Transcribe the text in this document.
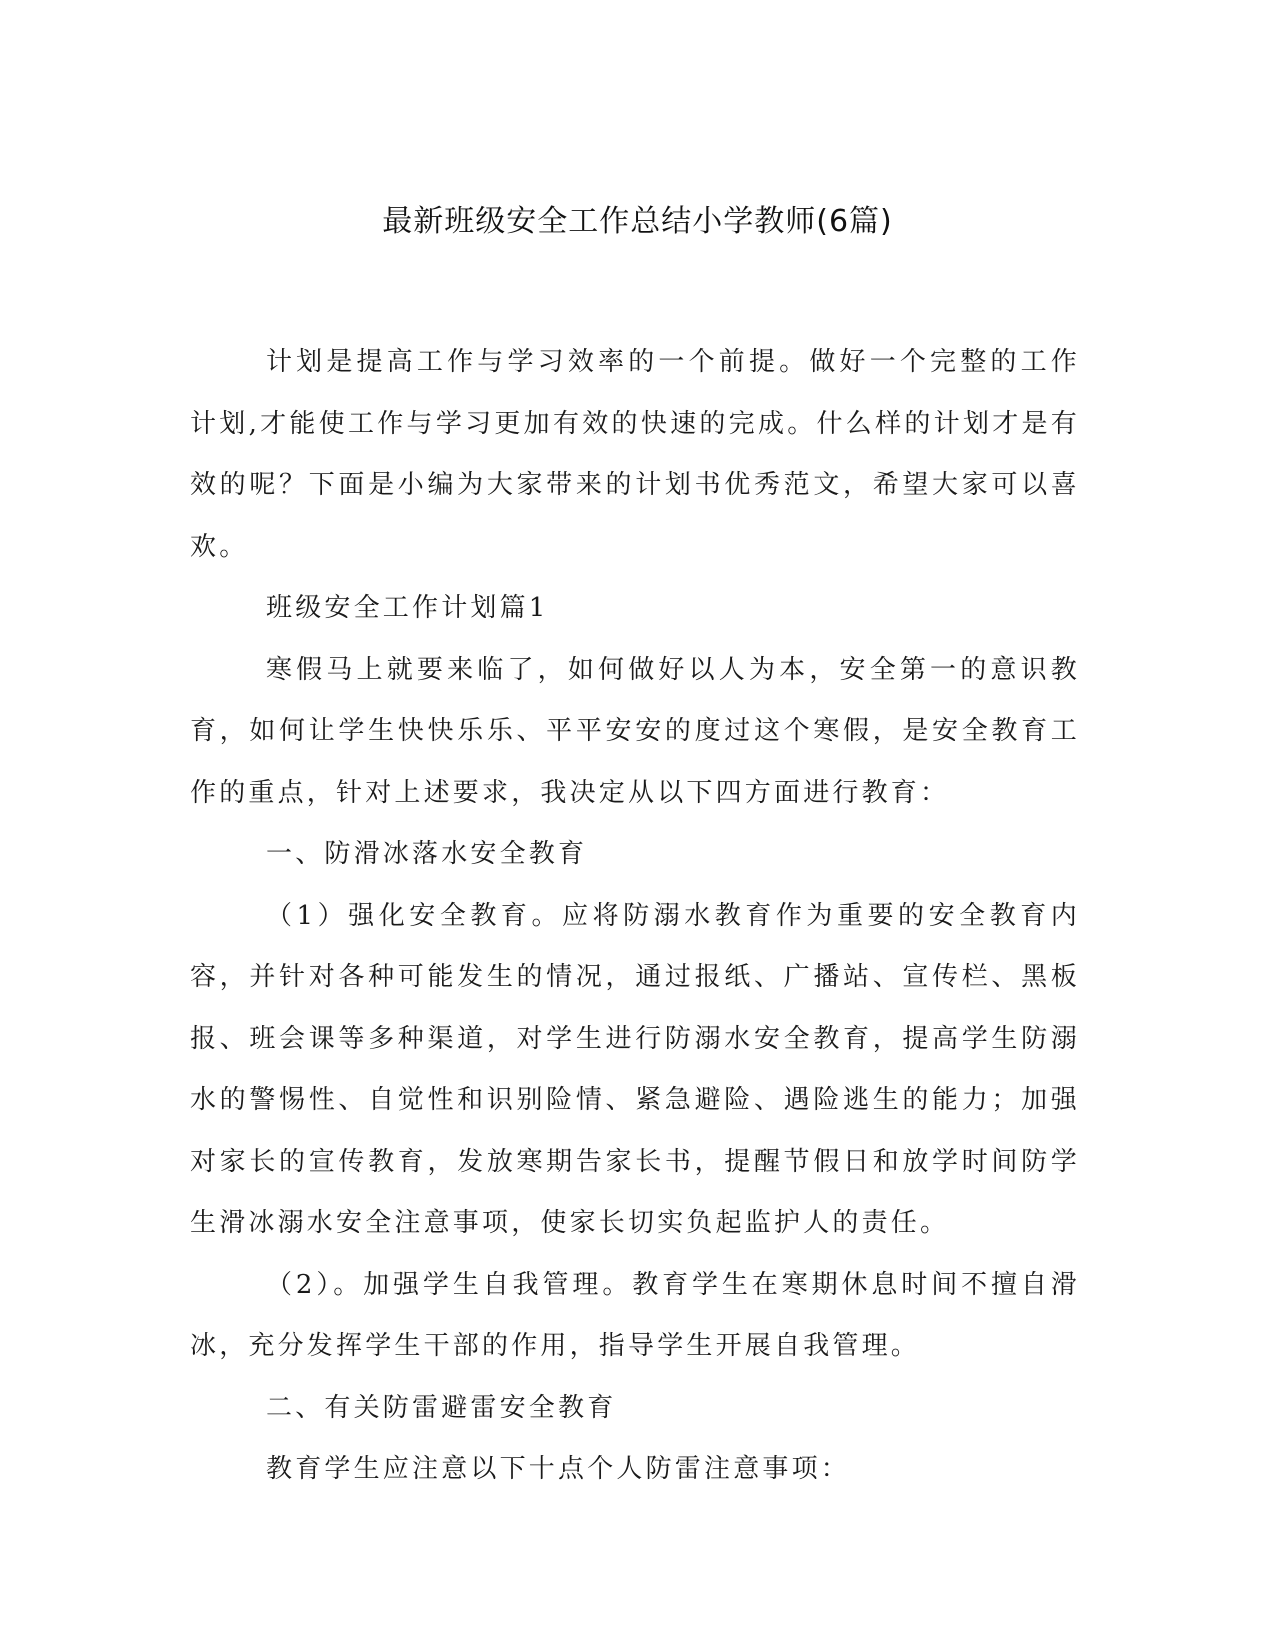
最新班级安全工作总结小学教师(6篇)

计划是提高工作与学习效率的一个前提。做好一个完整的工作计划,才能使工作与学习更加有效的快速的完成。什么样的计划才是有效的呢？下面是小编为大家带来的计划书优秀范文，希望大家可以喜欢。

班级安全工作计划篇1

寒假马上就要来临了，如何做好以人为本，安全第一的意识教育，如何让学生快快乐乐、平平安安的度过这个寒假，是安全教育工作的重点，针对上述要求，我决定从以下四方面进行教育：

一、防滑冰落水安全教育

（1）强化安全教育。应将防溺水教育作为重要的安全教育内容，并针对各种可能发生的情况，通过报纸、广播站、宣传栏、黑板报、班会课等多种渠道，对学生进行防溺水安全教育，提高学生防溺水的警惕性、自觉性和识别险情、紧急避险、遇险逃生的能力；加强对家长的宣传教育，发放寒期告家长书，提醒节假日和放学时间防学生滑冰溺水安全注意事项，使家长切实负起监护人的责任。

（2）。加强学生自我管理。教育学生在寒期休息时间不擅自滑冰，充分发挥学生干部的作用，指导学生开展自我管理。

二、有关防雷避雷安全教育

教育学生应注意以下十点个人防雷注意事项：
